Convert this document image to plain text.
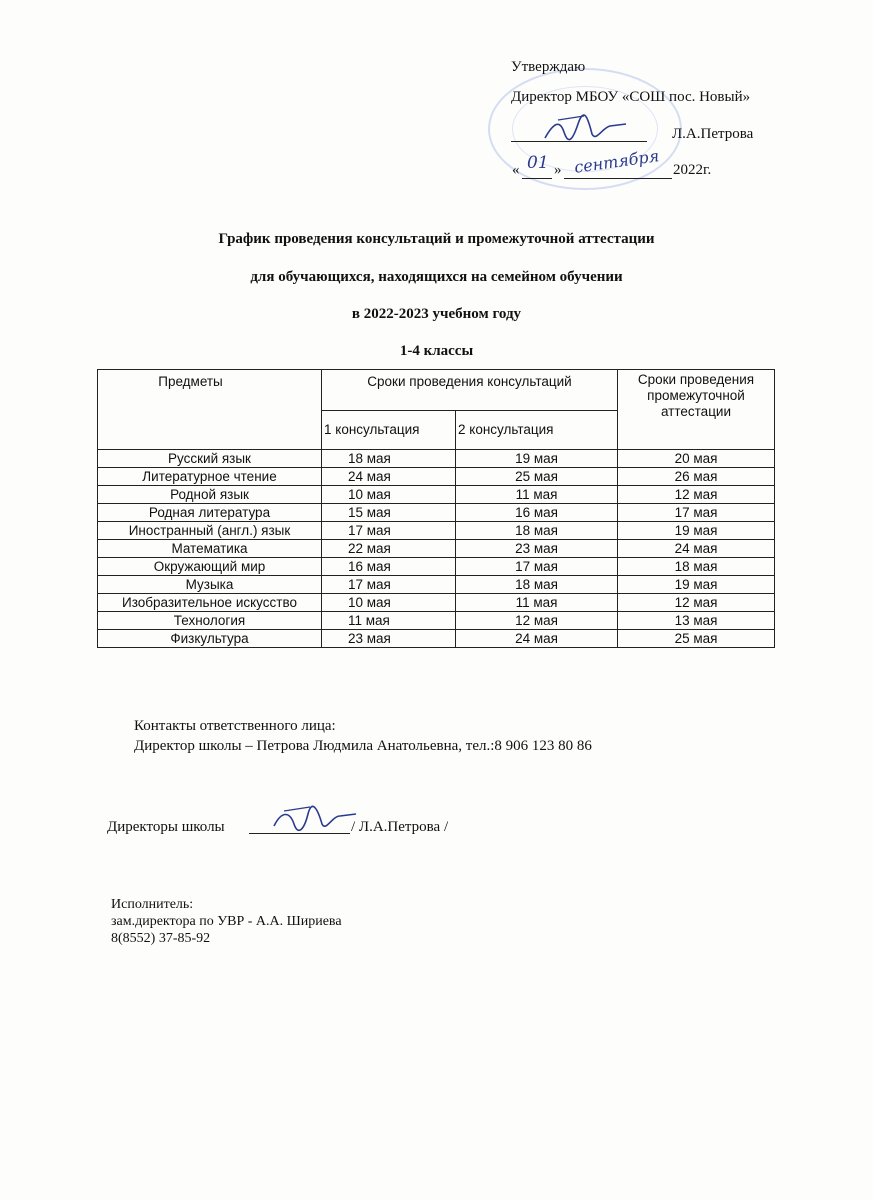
Утверждаю
Директор МБОУ «СОШ пос. Новый»
Л.А.Петрова
« 01 » сентября 2022г.
График проведения консультаций и промежуточной аттестации
для обучающихся, находящихся на семейном обучении
в 2022-2023 учебном году
1-4 классы
Предметы	Сроки проведения консультаций		Сроки проведения промежуточной аттестации
	1 консультация	2 консультация	
Русский язык	18 мая	19 мая	20 мая
Литературное чтение	24 мая	25 мая	26 мая
Родной язык	10 мая	11 мая	12 мая
Родная литература	15 мая	16 мая	17 мая
Иностранный (англ.) язык	17 мая	18 мая	19 мая
Математика	22 мая	23 мая	24 мая
Окружающий мир	16 мая	17 мая	18 мая
Музыка	17 мая	18 мая	19 мая
Изобразительное искусство	10 мая	11 мая	12 мая
Технология	11 мая	12 мая	13 мая
Физкультура	23 мая	24 мая	25 мая
Контакты ответственного лица:
Директор школы – Петрова Людмила Анатольевна, тел.:8 906 123 80 86
Директоры школы	/ Л.А.Петрова /
Исполнитель:
зам.директора по УВР - А.А. Шириева
8(8552) 37-85-92
